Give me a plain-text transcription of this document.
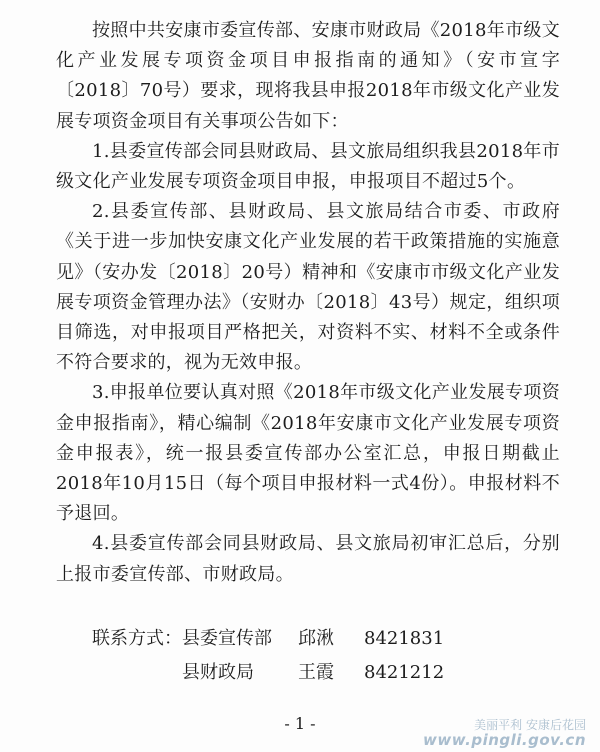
按照中共安康市委宣传部、安康市财政局《2018年市级文化产业发展专项资金项目申报指南的通知》（安市宣字〔2018〕70号）要求，现将我县申报2018年市级文化产业发展专项资金项目有关事项公告如下：

1.县委宣传部会同县财政局、县文旅局组织我县2018年市级文化产业发展专项资金项目申报，申报项目不超过5个。

2.县委宣传部、县财政局、县文旅局结合市委、市政府《关于进一步加快安康文化产业发展的若干政策措施的实施意见》（安办发〔2018〕20号）精神和《安康市市级文化产业发展专项资金管理办法》（安财办〔2018〕43号）规定，组织项目筛选，对申报项目严格把关，对资料不实、材料不全或条件不符合要求的，视为无效申报。

3.申报单位要认真对照《2018年市级文化产业发展专项资金申报指南》，精心编制《2018年安康市文化产业发展专项资金申报表》，统一报县委宣传部办公室汇总，申报日期截止2018年10月15日（每个项目申报材料一式4份）。申报材料不予退回。

4.县委宣传部会同县财政局、县文旅局初审汇总后，分别上报市委宣传部、市财政局。

联系方式：县委宣传部 邱湫 8421831
县财政局 王霞 8421212
- 1 -	美丽平利 安康后花园
www.pingli.gov.cn
